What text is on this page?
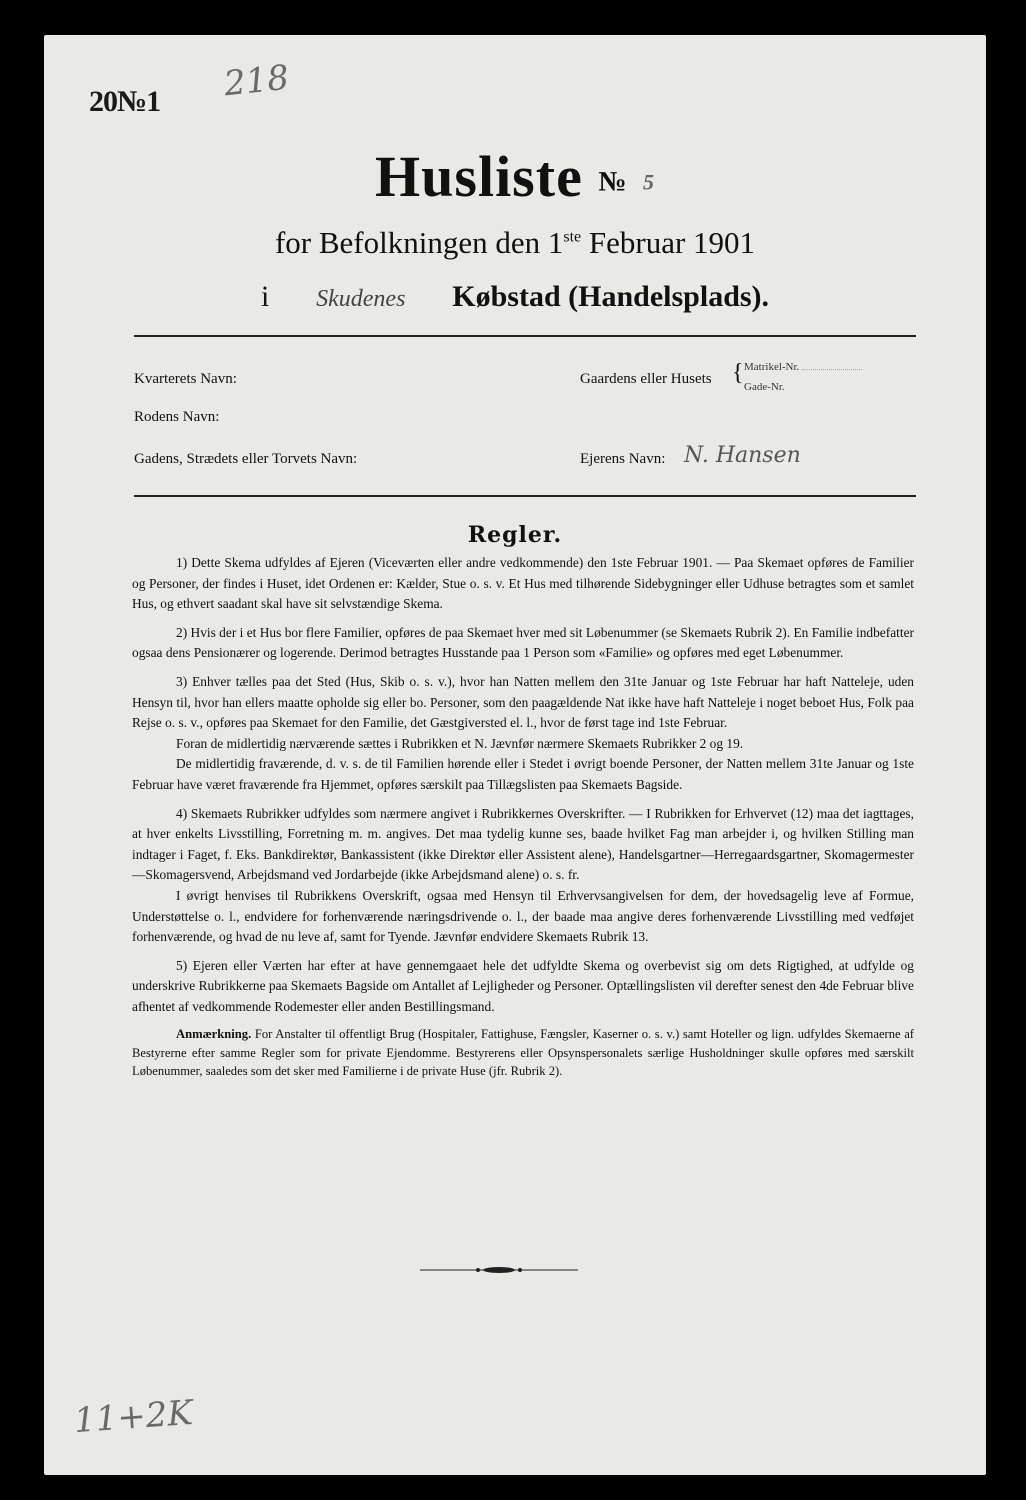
20№1 218
Husliste № 5
for Befolkningen den 1ste Februar 1901
i Skudenes Købstad (Handelsplads).
Kvarterets Navn:
Rodens Navn:
Gadens, Strædets eller Torvets Navn:
Gaardens eller Husets { Matrikel-Nr.
Gade-Nr.
Ejerens Navn: N. Hansen
Regler.

1) Dette Skema udfyldes af Ejeren (Viceværten eller andre vedkommende) den 1ste Februar 1901. — Paa Skemaet opføres de Familier og Personer, der findes i Huset, idet Ordenen er: Kælder, Stue o. s. v. Et Hus med tilhørende Sidebygninger eller Udhuse betragtes som et samlet Hus, og ethvert saadant skal have sit selvstændige Skema.

2) Hvis der i et Hus bor flere Familier, opføres de paa Skemaet hver med sit Løbenummer (se Skemaets Rubrik 2). En Familie indbefatter ogsaa dens Pensionærer og logerende. Derimod betragtes Husstande paa 1 Person som «Familie» og opføres med eget Løbenummer.

3) Enhver tælles paa det Sted (Hus, Skib o. s. v.), hvor han Natten mellem den 31te Januar og 1ste Februar har haft Natteleje, uden Hensyn til, hvor han ellers maatte opholde sig eller bo. Personer, som den paagældende Nat ikke have haft Natteleje i noget beboet Hus, Folk paa Rejse o. s. v., opføres paa Skemaet for den Familie, det Gæstgiversted el. l., hvor de først tage ind 1ste Februar.

Foran de midlertidig nærværende sættes i Rubrikken et N. Jævnfør nærmere Skemaets Rubrikker 2 og 19.

De midlertidig fraværende, d. v. s. de til Familien hørende eller i Stedet i øvrigt boende Personer, der Natten mellem 31te Januar og 1ste Februar have været fraværende fra Hjemmet, opføres særskilt paa Tillægslisten paa Skemaets Bagside.

4) Skemaets Rubrikker udfyldes som nærmere angivet i Rubrikkernes Overskrifter. — I Rubrikken for Erhvervet (12) maa det iagttages, at hver enkelts Livsstilling, Forretning m. m. angives. Det maa tydelig kunne ses, baade hvilket Fag man arbejder i, og hvilken Stilling man indtager i Faget, f. Eks. Bankdirektør, Bankassistent (ikke Direktør eller Assistent alene), Handelsgartner—Herregaardsgartner, Skomagermester—Skomagersvend, Arbejdsmand ved Jordarbejde (ikke Arbejdsmand alene) o. s. fr.

I øvrigt henvises til Rubrikkens Overskrift, ogsaa med Hensyn til Erhvervsangivelsen for dem, der hovedsagelig leve af Formue, Understøttelse o. l., endvidere for forhenværende næringsdrivende o. l., der baade maa angive deres forhenværende Livsstilling med vedføjet forhenværende, og hvad de nu leve af, samt for Tyende. Jævnfør endvidere Skemaets Rubrik 13.

5) Ejeren eller Værten har efter at have gennemgaaet hele det udfyldte Skema og overbevist sig om dets Rigtighed, at udfylde og underskrive Rubrikkerne paa Skemaets Bagside om Antallet af Lejligheder og Personer. Optællingslisten vil derefter senest den 4de Februar blive afhentet af vedkommende Rodemester eller anden Bestillingsmand.

Anmærkning. For Anstalter til offentligt Brug (Hospitaler, Fattighuse, Fængsler, Kaserner o. s. v.) samt Hoteller og lign. udfyldes Skemaerne af Bestyrerne efter samme Regler som for private Ejendomme. Bestyrerens eller Opsynspersonalets særlige Husholdninger skulle opføres med særskilt Løbenummer, saaledes som det sker med Familierne i de private Huse (jfr. Rubrik 2).

11+2K
